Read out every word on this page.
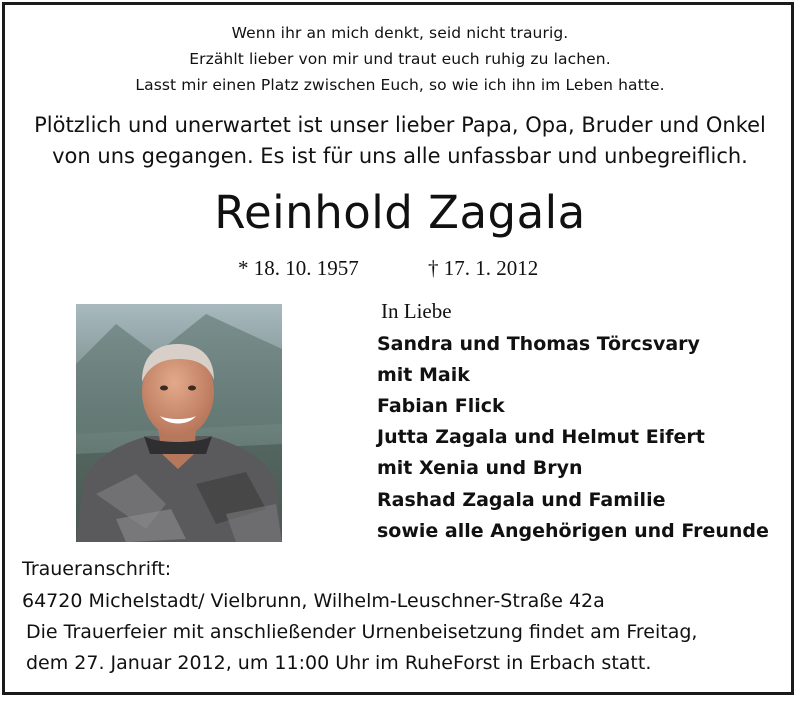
Wenn ihr an mich denkt, seid nicht traurig.
Erzählt lieber von mir und traut euch ruhig zu lachen.
Lasst mir einen Platz zwischen Euch, so wie ich ihn im Leben hatte.
Plötzlich und unerwartet ist unser lieber Papa, Opa, Bruder und Onkel
von uns gegangen. Es ist für uns alle unfassbar und unbegreiflich.
Reinhold Zagala
* 18. 10. 1957	† 17. 1. 2012
In Liebe
Sandra und Thomas Törcsvary
mit Maik
Fabian Flick
Jutta Zagala und Helmut Eifert
mit Xenia und Bryn
Rashad Zagala und Familie
sowie alle Angehörigen und Freunde
Traueranschrift:
64720 Michelstadt/ Vielbrunn, Wilhelm-Leuschner-Straße 42a
Die Trauerfeier mit anschließender Urnenbeisetzung findet am Freitag,
dem 27. Januar 2012, um 11:00 Uhr im RuheForst in Erbach statt.
